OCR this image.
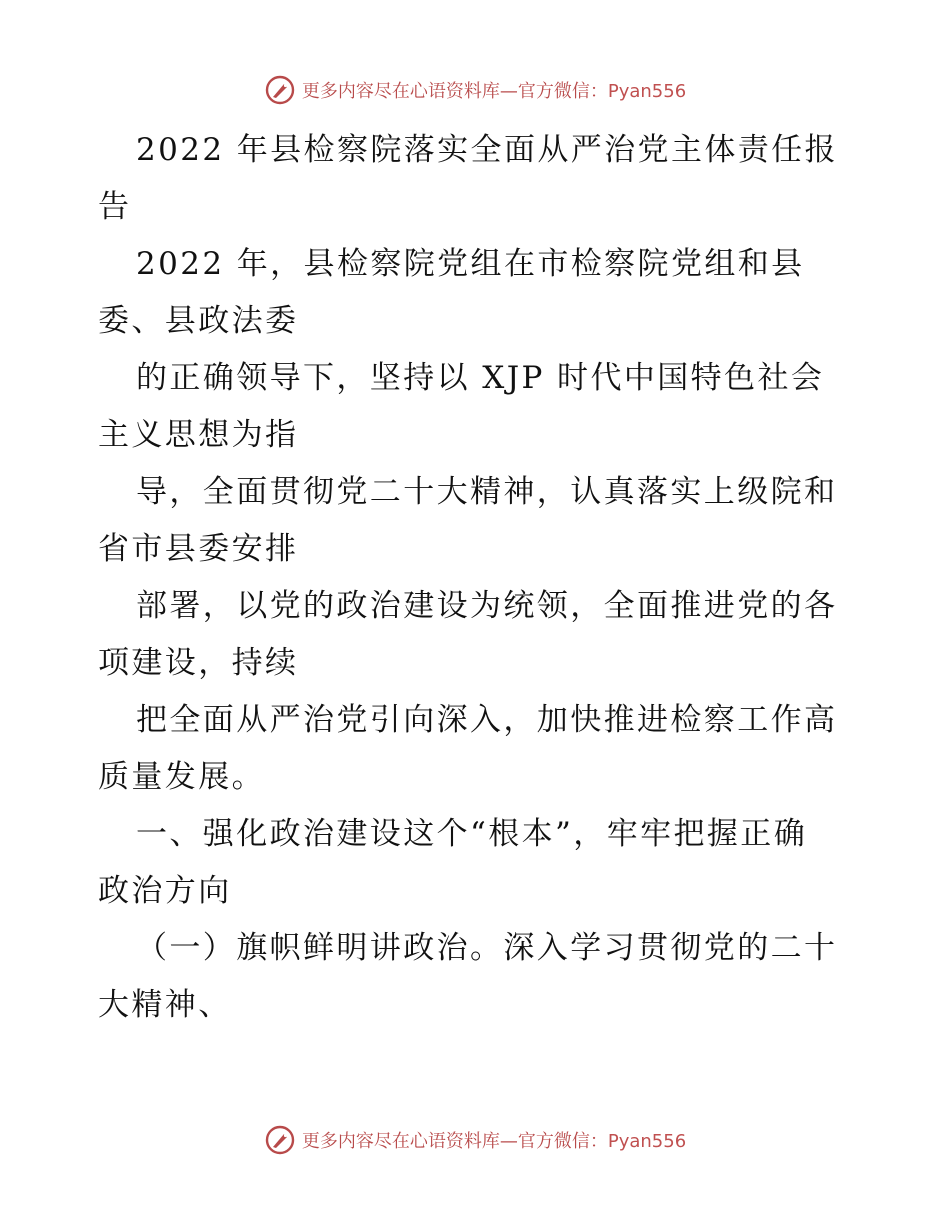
更多内容尽在心语资料库—官方微信：Pyan556
2022 年县检察院落实全面从严治党主体责任报
告
2022 年，县检察院党组在市检察院党组和县
委、县政法委
的正确领导下，坚持以 XJP 时代中国特色社会
主义思想为指
导，全面贯彻党二十大精神，认真落实上级院和
省市县委安排
部署，以党的政治建设为统领，全面推进党的各
项建设，持续
把全面从严治党引向深入，加快推进检察工作高
质量发展。
一、强化政治建设这个“根本”，牢牢把握正确
政治方向
（一）旗帜鲜明讲政治。深入学习贯彻党的二十
大精神、
更多内容尽在心语资料库—官方微信：Pyan556
